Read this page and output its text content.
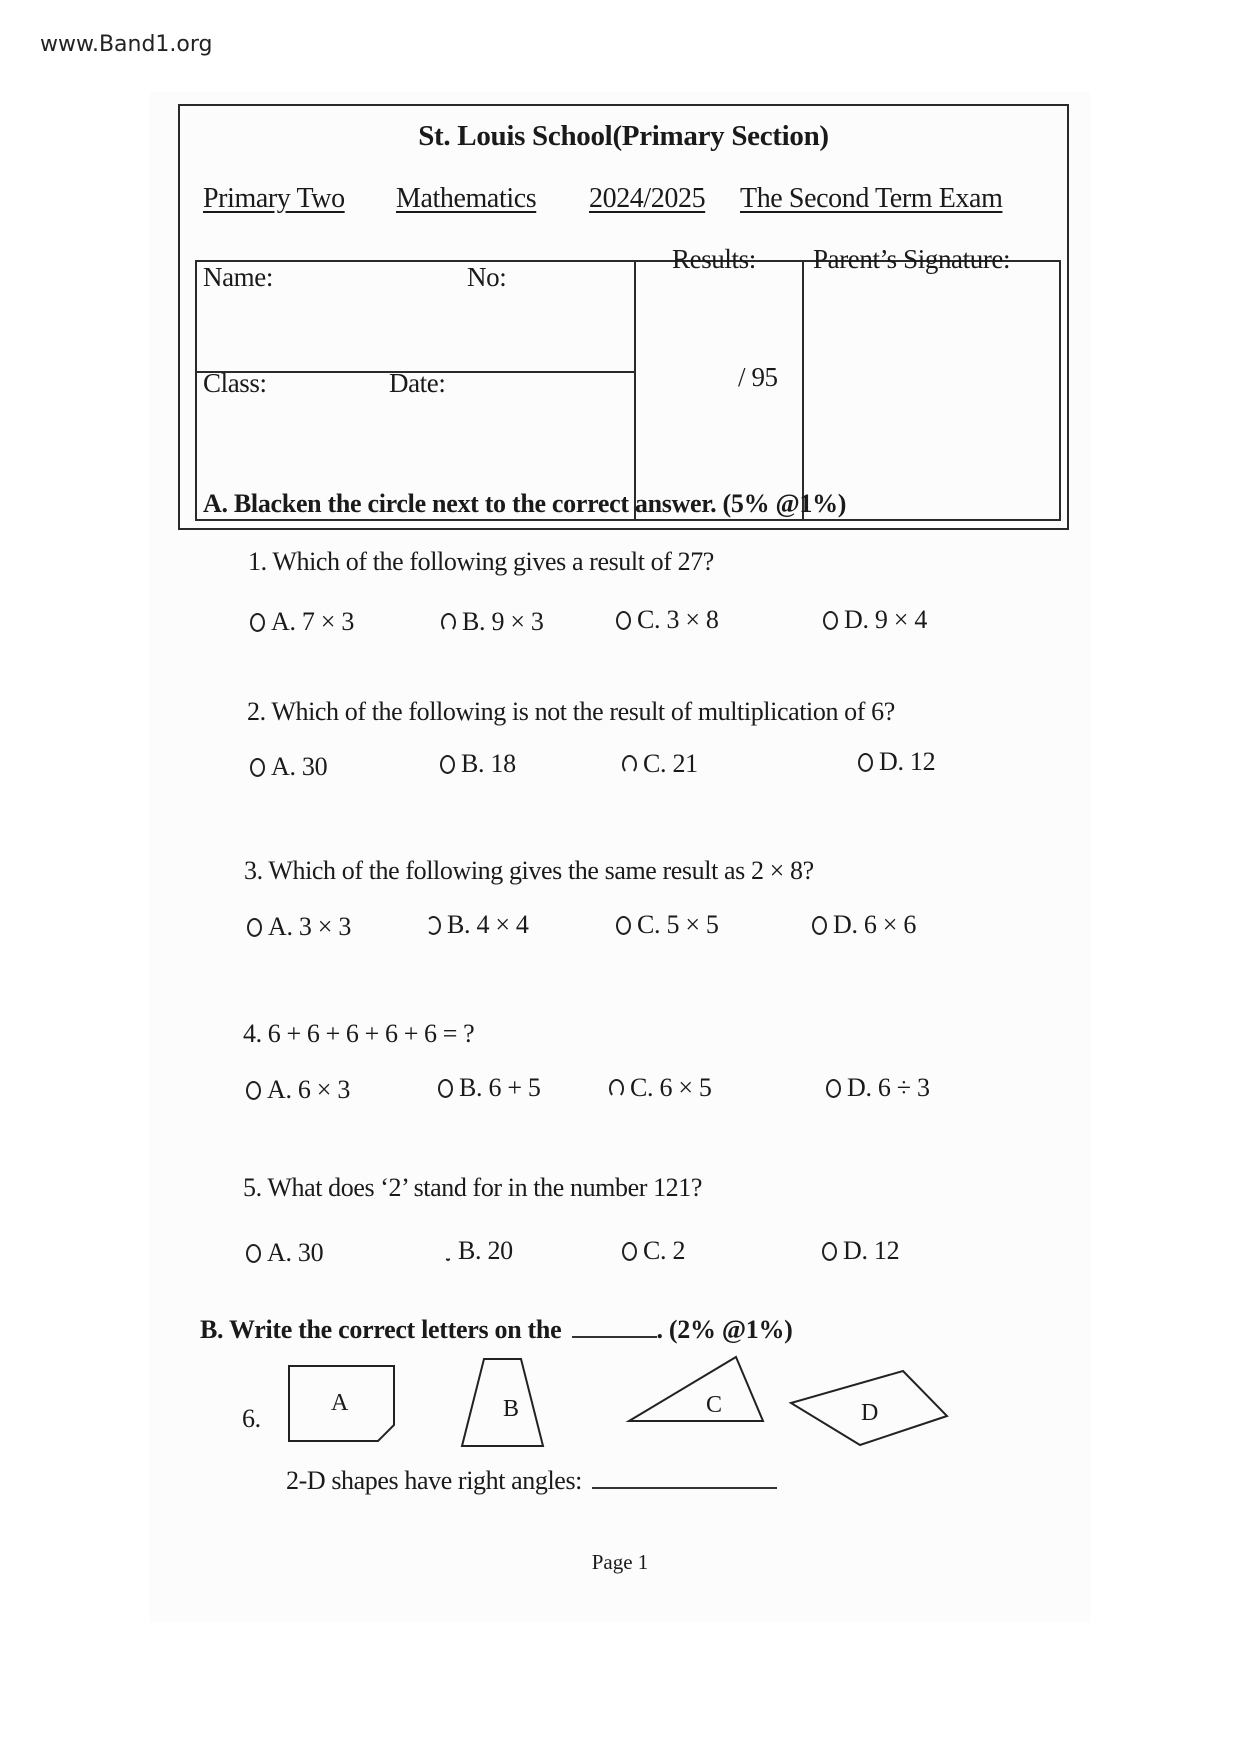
www.Band1.org
St. Louis School(Primary Section)
Primary Two Mathematics 2024/2025 The Second Term Exam
Name:	No:
Class:	Date:
Results:
/ 95
Parent’s Signature:
A. Blacken the circle next to the correct answer. (5% @1%)
1. Which of the following gives a result of 27?
A. 7 × 3	B. 9 × 3	C. 3 × 8	D. 9 × 4
2. Which of the following is not the result of multiplication of 6?
A. 30	B. 18	C. 21	D. 12
3. Which of the following gives the same result as 2 × 8?
A. 3 × 3	B. 4 × 4	C. 5 × 5	D. 6 × 6
4. 6 + 6 + 6 + 6 + 6 = ?
A. 6 × 3	B. 6 + 5	C. 6 × 5	D. 6 ÷ 3
5. What does ‘2’ stand for in the number 121?
A. 30	B. 20	C. 2	D. 12
B. Write the correct letters on the	. (2% @1%)
6.
A	B	C	D
2-D shapes have right angles:
Page 1
